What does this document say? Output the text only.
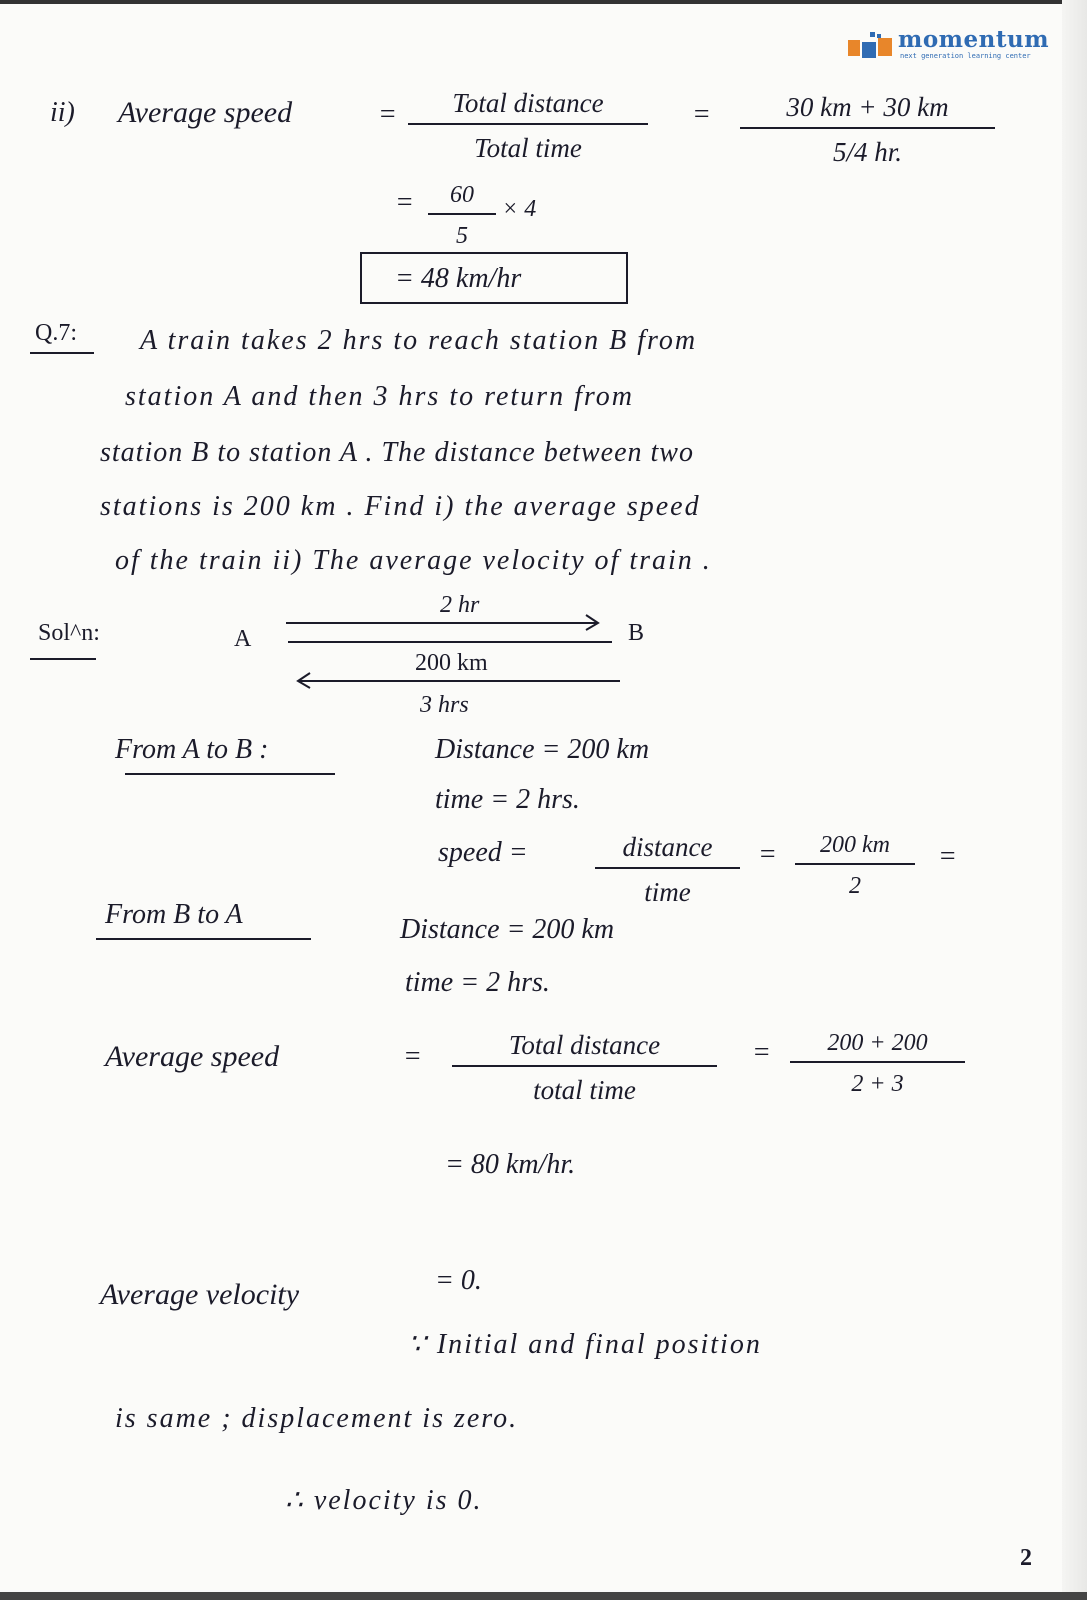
momentum
next generation learning center
ii) Average speed	=	Total distance
Total time
= $\frac{30 km + 30 km}{5/4 hr.}$
= $\frac{60}{5} \times 4$
= 48 km/hr
Q.7: A train takes 2 hrs to reach station B from
station A and then 3 hrs to return from
station B to station A . The distance between two
stations is 200 km . Find i) the average speed
of the train ii) The average velocity of train .
Sol^n:	A	B
2 hr
200 km
3 hrs
From A to B :	Distance = 200 km
time = 2 hrs.
speed =	distance
time
= $\frac{200 km}{2}$ =
From B to A	Distance = 200 km
time = 2 hrs.
Average speed	=	Total distance
total time
= $\frac{200 + 200}{2 + 3}$
= 80 km/hr.
Average velocity	= 0.
∵ Initial and final position
is same ; displacement is zero.
∴ velocity is 0.
2
